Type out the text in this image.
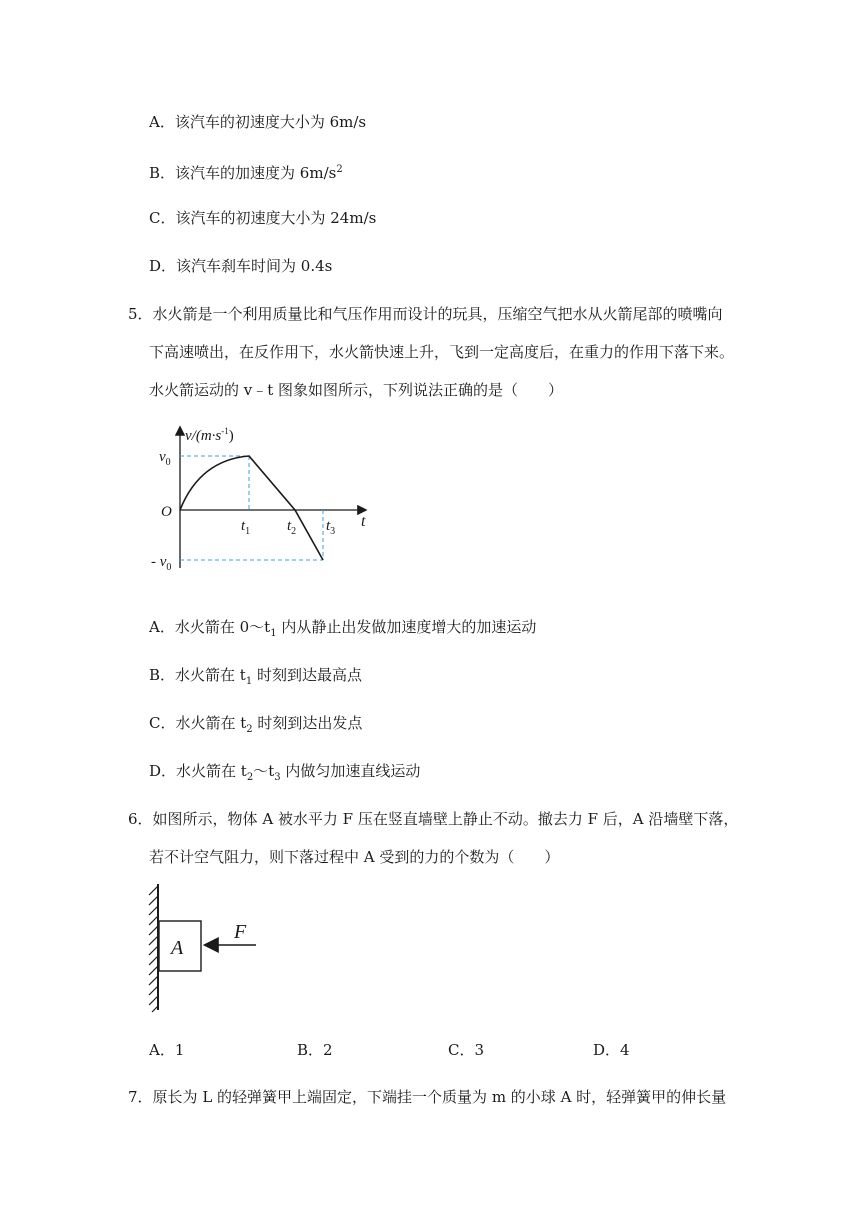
A．该汽车的初速度大小为 6m/s
B．该汽车的加速度为 $6m/s^2$
C．该汽车的初速度大小为 24m/s
D．该汽车刹车时间为 0.4s
5．水火箭是一个利用质量比和气压作用而设计的玩具，压缩空气把水从火箭尾部的喷嘴向
下高速喷出，在反作用下，水火箭快速上升，飞到一定高度后，在重力的作用下落下来。
水火箭运动的 v﹣t 图象如图所示，下列说法正确的是（　　）
$v/(m\cdot s^{-1})$
$v_0$
O
$t_1$ $t_2$ $t_3$
t
- $v_0$
A．水火箭在 $0\sim t_1$ 内从静止出发做加速度增大的加速运动
B．水火箭在 $t_1$ 时刻到达最高点
C．水火箭在 $t_2$ 时刻到达出发点
D．水火箭在 $t_2\sim t_3$ 内做匀加速直线运动
6．如图所示，物体 A 被水平力 F 压在竖直墙壁上静止不动。撤去力 F 后，A 沿墙壁下落，
若不计空气阻力，则下落过程中 A 受到的力的个数为（　　）
A
F
A．1	B．2	C．3	D．4
7．原长为 L 的轻弹簧甲上端固定，下端挂一个质量为 m 的小球 A 时，轻弹簧甲的伸长量
